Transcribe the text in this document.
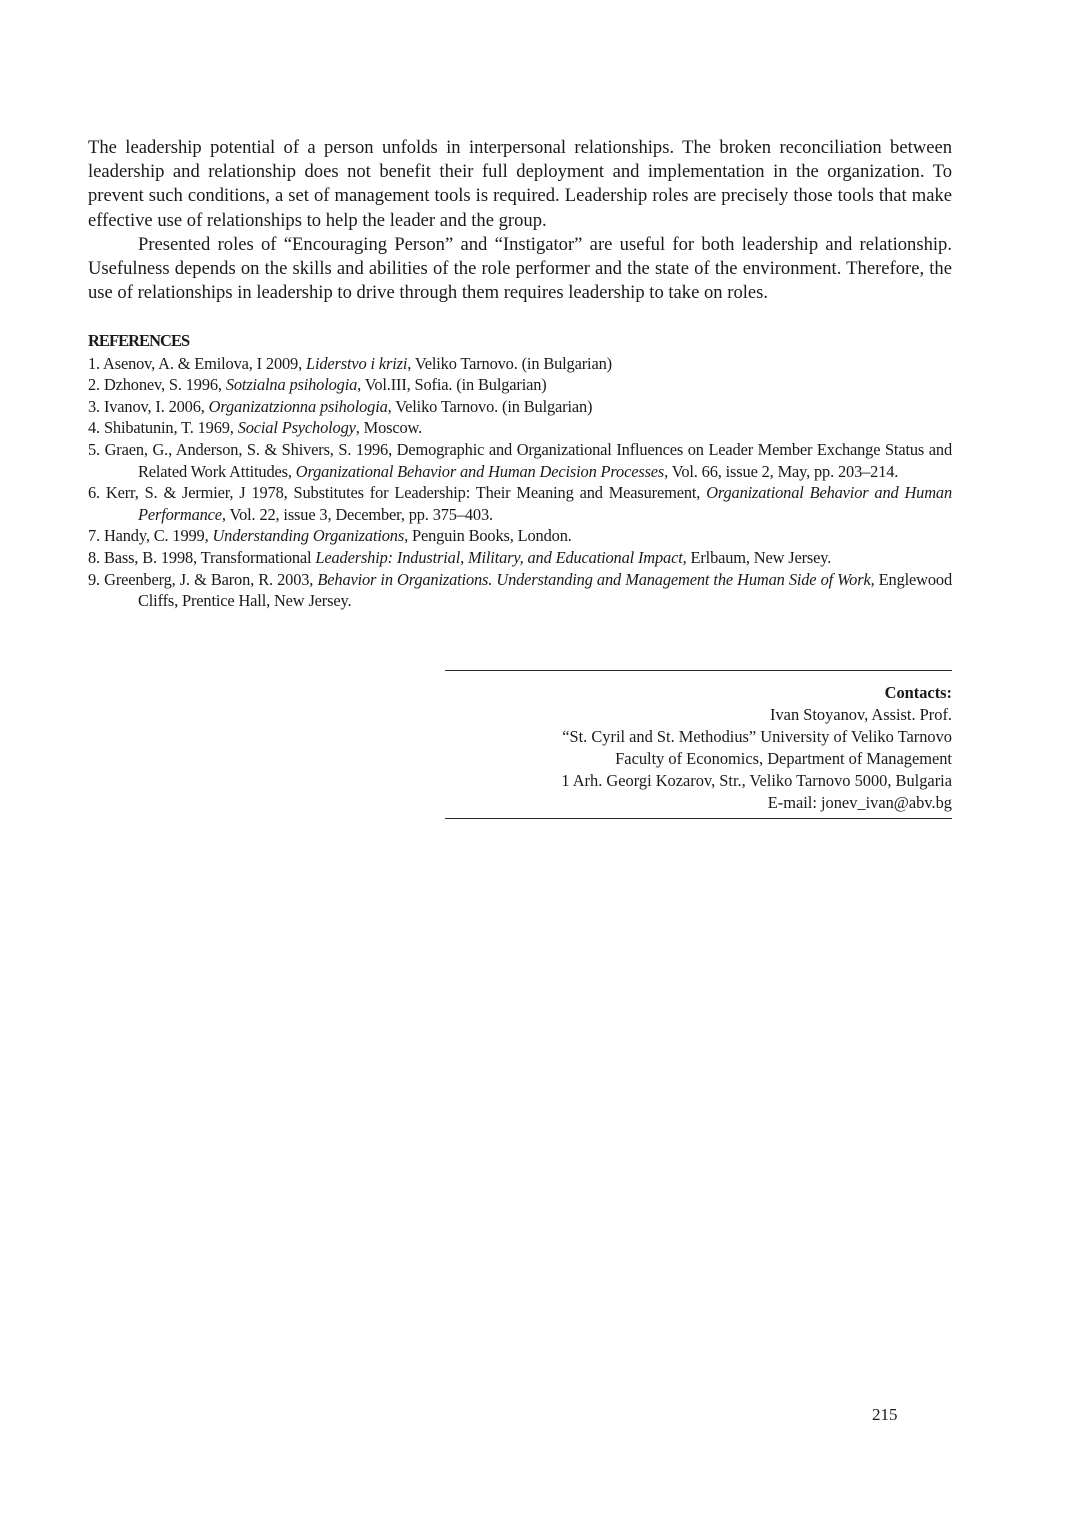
The leadership potential of a person unfolds in interpersonal relationships. The broken reconciliation between leadership and relationship does not benefit their full deployment and implementation in the organization. To prevent such conditions, a set of management tools is required. Leadership roles are precisely those tools that make effective use of relationships to help the leader and the group.

Presented roles of “Encouraging Person” and “Instigator” are useful for both leadership and relationship. Usefulness depends on the skills and abilities of the role performer and the state of the environment. Therefore, the use of relationships in leadership to drive through them requires leadership to take on roles.

REFERENCES
1. Asenov, A. & Emilova, I 2009, Liderstvo i krizi, Veliko Tarnovo. (in Bulgarian)
2. Dzhonev, S. 1996, Sotzialna psihologia, Vol.III, Sofia. (in Bulgarian)
3. Ivanov, I. 2006, Organizatzionna psihologia, Veliko Tarnovo. (in Bulgarian)
4. Shibatunin, T. 1969, Social Psychology, Moscow.
5. Graen, G., Anderson, S. & Shivers, S. 1996, Demographic and Organizational Influences on Leader Member Exchange Status and Related Work Attitudes, Organizational Behavior and Human Decision Processes, Vol. 66, issue 2, May, pp. 203–214.
6. Kerr, S. & Jermier, J 1978, Substitutes for Leadership: Their Meaning and Measurement, Organizational Behavior and Human Performance, Vol. 22, issue 3, December, pp. 375–403.
7. Handy, C. 1999, Understanding Organizations, Penguin Books, London.
8. Bass, B. 1998, Transformational Leadership: Industrial, Military, and Educational Impact, Erlbaum, New Jersey.
9. Greenberg, J. & Baron, R. 2003, Behavior in Organizations. Understanding and Management the Human Side of Work, Englewood Cliffs, Prentice Hall, New Jersey.
Contacts:
Ivan Stoyanov, Assist. Prof.
“St. Cyril and St. Methodius” University of Veliko Tarnovo
Faculty of Economics, Department of Management
1 Arh. Georgi Kozarov, Str., Veliko Tarnovo 5000, Bulgaria
E-mail: jonev_ivan@abv.bg
215
